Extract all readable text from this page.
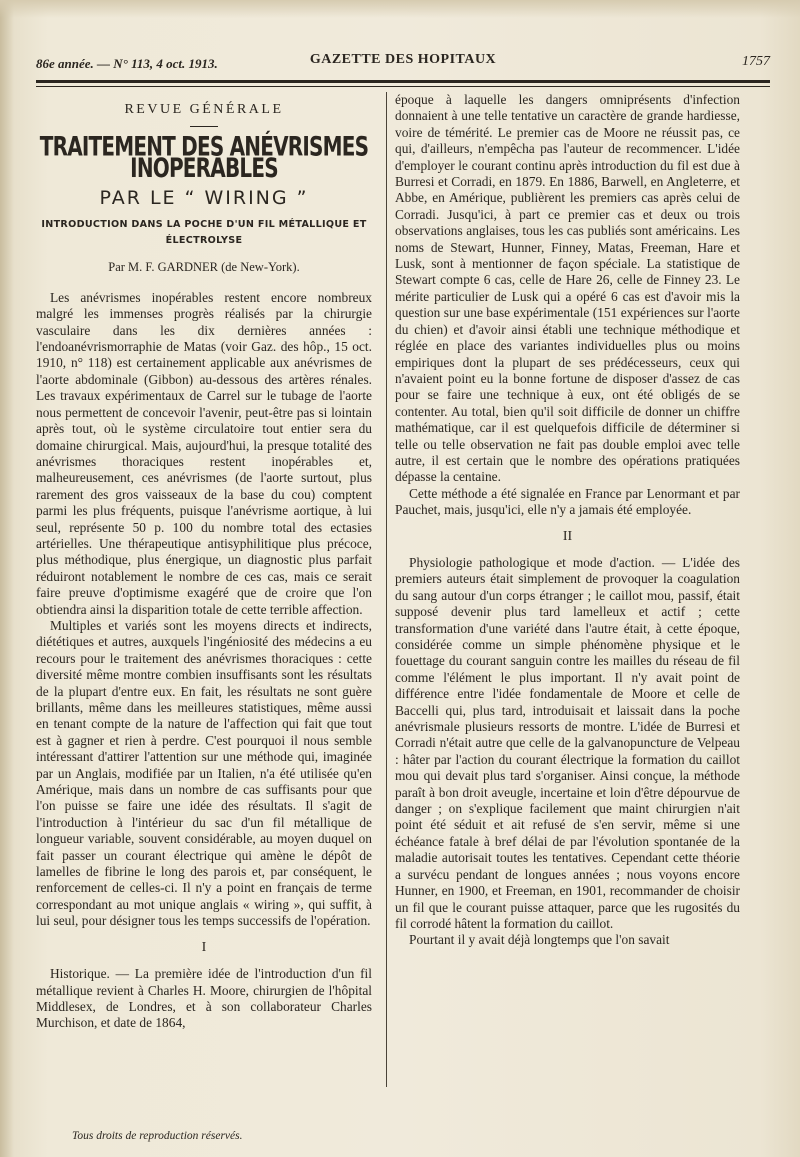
86e année. — N° 113, 4 oct. 1913.	GAZETTE DES HOPITAUX	1757
REVUE GÉNÉRALE
TRAITEMENT DES ANÉVRISMES INOPÉRABLES
PAR LE “ WIRING ”
INTRODUCTION DANS LA POCHE D'UN FIL MÉTALLIQUE ET ÉLECTROLYSE
Par M. F. GARDNER (de New-York).

Les anévrismes inopérables restent encore nombreux malgré les immenses progrès réalisés par la chirurgie vasculaire dans les dix dernières années : l'endoanévrismorraphie de Matas (voir Gaz. des hôp., 15 oct. 1910, n° 118) est certainement applicable aux anévrismes de l'aorte abdominale (Gibbon) au-dessous des artères rénales. Les travaux expérimentaux de Carrel sur le tubage de l'aorte nous permettent de concevoir l'avenir, peut-être pas si lointain après tout, où le système circulatoire tout entier sera du domaine chirurgical. Mais, aujourd'hui, la presque totalité des anévrismes thoraciques restent inopérables et, malheureusement, ces anévrismes (de l'aorte surtout, plus rarement des gros vaisseaux de la base du cou) comptent parmi les plus fréquents, puisque l'anévrisme aortique, à lui seul, représente 50 p. 100 du nombre total des ectasies artérielles. Une thérapeutique antisyphilitique plus précoce, plus méthodique, plus énergique, un diagnostic plus parfait réduiront notablement le nombre de ces cas, mais ce serait faire preuve d'optimisme exagéré que de croire que l'on obtiendra ainsi la disparition totale de cette terrible affection.

Multiples et variés sont les moyens directs et indirects, diététiques et autres, auxquels l'ingéniosité des médecins a eu recours pour le traitement des anévrismes thoraciques : cette diversité même montre combien insuffisants sont les résultats de la plupart d'entre eux. En fait, les résultats ne sont guère brillants, même dans les meilleures statistiques, même aussi en tenant compte de la nature de l'affection qui fait que tout est à gagner et rien à perdre. C'est pourquoi il nous semble intéressant d'attirer l'attention sur une méthode qui, imaginée par un Anglais, modifiée par un Italien, n'a été utilisée qu'en Amérique, mais dans un nombre de cas suffisants pour que l'on puisse se faire une idée des résultats. Il s'agit de l'introduction à l'intérieur du sac d'un fil métallique de longueur variable, souvent considérable, au moyen duquel on fait passer un courant électrique qui amène le dépôt de lamelles de fibrine le long des parois et, par conséquent, le renforcement de celles-ci. Il n'y a point en français de terme correspondant au mot unique anglais « wiring », qui suffit, à lui seul, pour désigner tous les temps successifs de l'opération.

I

Historique. — La première idée de l'introduction d'un fil métallique revient à Charles H. Moore, chirurgien de l'hôpital Middlesex, de Londres, et à son collaborateur Charles Murchison, et date de 1864,

époque à laquelle les dangers omniprésents d'infection donnaient à une telle tentative un caractère de grande hardiesse, voire de témérité. Le premier cas de Moore ne réussit pas, ce qui, d'ailleurs, n'empêcha pas l'auteur de recommencer. L'idée d'employer le courant continu après introduction du fil est due à Burresi et Corradi, en 1879. En 1886, Barwell, en Angleterre, et Abbe, en Amérique, publièrent les premiers cas après celui de Corradi. Jusqu'ici, à part ce premier cas et deux ou trois observations anglaises, tous les cas publiés sont américains. Les noms de Stewart, Hunner, Finney, Matas, Freeman, Hare et Lusk, sont à mentionner de façon spéciale. La statistique de Stewart compte 6 cas, celle de Hare 26, celle de Finney 23. Le mérite particulier de Lusk qui a opéré 6 cas est d'avoir mis la question sur une base expérimentale (151 expériences sur l'aorte du chien) et d'avoir ainsi établi une technique méthodique et réglée en place des variantes individuelles plus ou moins empiriques dont la plupart de ses prédécesseurs, ceux qui n'avaient point eu la bonne fortune de disposer d'assez de cas pour se faire une technique à eux, ont été obligés de se contenter. Au total, bien qu'il soit difficile de donner un chiffre mathématique, car il est quelquefois difficile de déterminer si telle ou telle observation ne fait pas double emploi avec telle autre, il est certain que le nombre des opérations pratiquées dépasse la centaine.

Cette méthode a été signalée en France par Lenormant et par Pauchet, mais, jusqu'ici, elle n'y a jamais été employée.

II

Physiologie pathologique et mode d'action. — L'idée des premiers auteurs était simplement de provoquer la coagulation du sang autour d'un corps étranger ; le caillot mou, passif, était supposé devenir plus tard lamelleux et actif ; cette transformation d'une variété dans l'autre était, à cette époque, considérée comme un simple phénomène physique et le fouettage du courant sanguin contre les mailles du réseau de fil comme l'élément le plus important. Il n'y avait point de différence entre l'idée fondamentale de Moore et celle de Baccelli qui, plus tard, introduisait et laissait dans la poche anévrismale plusieurs ressorts de montre. L'idée de Burresi et Corradi n'était autre que celle de la galvanopuncture de Velpeau : hâter par l'action du courant électrique la formation du caillot mou qui devait plus tard s'organiser. Ainsi conçue, la méthode paraît à bon droit aveugle, incertaine et loin d'être dépourvue de danger ; on s'explique facilement que maint chirurgien n'ait point été séduit et ait refusé de s'en servir, même si une échéance fatale à bref délai de par l'évolution spontanée de la maladie autorisait toutes les tentatives. Cependant cette théorie a survécu pendant de longues années ; nous voyons encore Hunner, en 1900, et Freeman, en 1901, recommander de choisir un fil que le courant puisse attaquer, parce que les rugosités du fil corrodé hâtent la formation du caillot.

Pourtant il y avait déjà longtemps que l'on savait

Tous droits de reproduction réservés.
